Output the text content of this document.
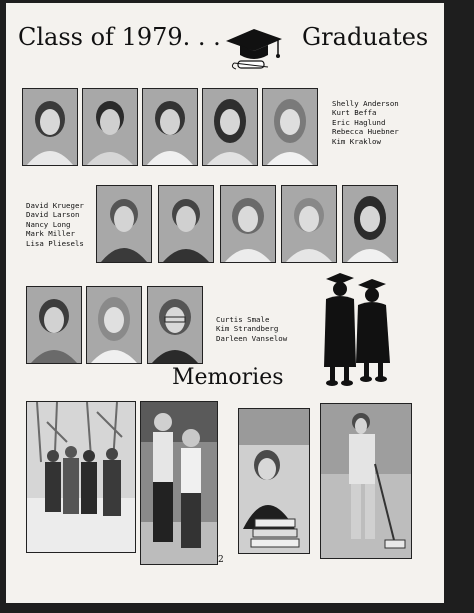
Class of 1979. . .	Graduates
Shelly Anderson
Kurt Beffa
Eric Haglund
Rebecca Huebner
Kim Kraklow
David Krueger
David Larson
Nancy Long
Mark Miller
Lisa Pliesels
Curtis Smale
Kim Strandberg
Darleen Vanselow
Memories
2
